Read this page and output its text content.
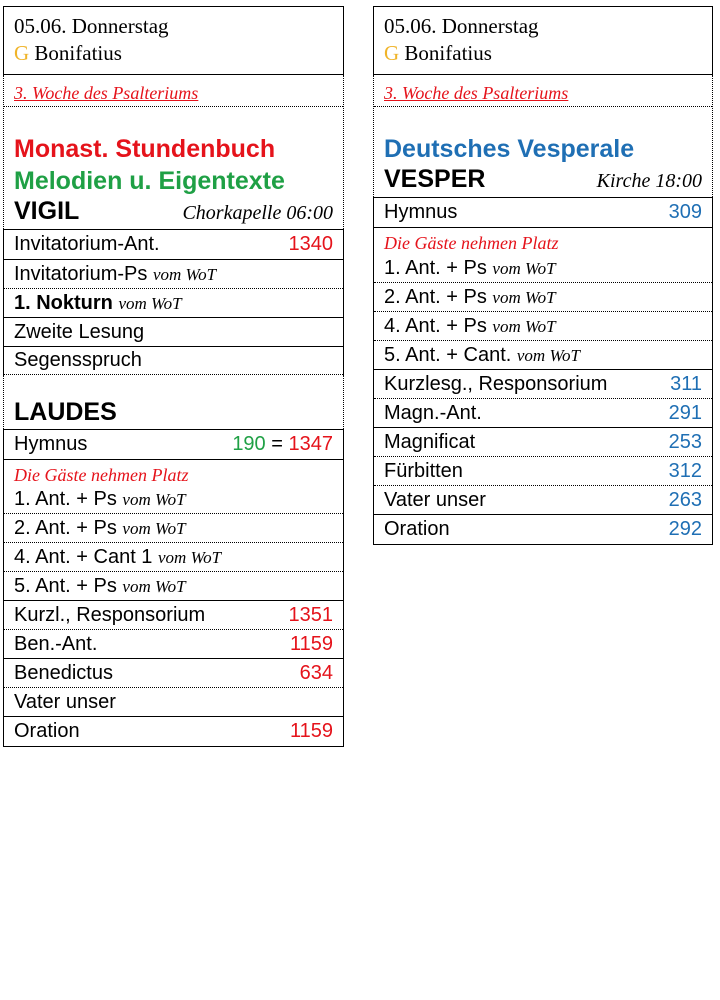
05.06. Donnerstag
G Bonifatius
3. Woche des Psalteriums
Monast. Stundenbuch
Melodien u. Eigentexte
VIGIL	Chorkapelle 06:00
Invitatorium-Ant.	1340
Invitatorium-Ps vom WoT
1. Nokturn vom WoT
Zweite Lesung
Segensspruch
LAUDES
Hymnus	190 = 1347
Die Gäste nehmen Platz
1. Ant. + Ps vom WoT
2. Ant. + Ps vom WoT
4. Ant. + Cant 1 vom WoT
5. Ant. + Ps vom WoT
Kurzl., Responsorium	1351
Ben.-Ant.	1159
Benedictus	634
Vater unser
Oration	1159
05.06. Donnerstag
G Bonifatius
3. Woche des Psalteriums
Deutsches Vesperale
VESPER	Kirche 18:00
Hymnus	309
Die Gäste nehmen Platz
1. Ant. + Ps vom WoT
2. Ant. + Ps vom WoT
4. Ant. + Ps vom WoT
5. Ant. + Cant. vom WoT
Kurzlesg., Responsorium	311
Magn.-Ant.	291
Magnificat	253
Fürbitten	312
Vater unser	263
Oration	292
